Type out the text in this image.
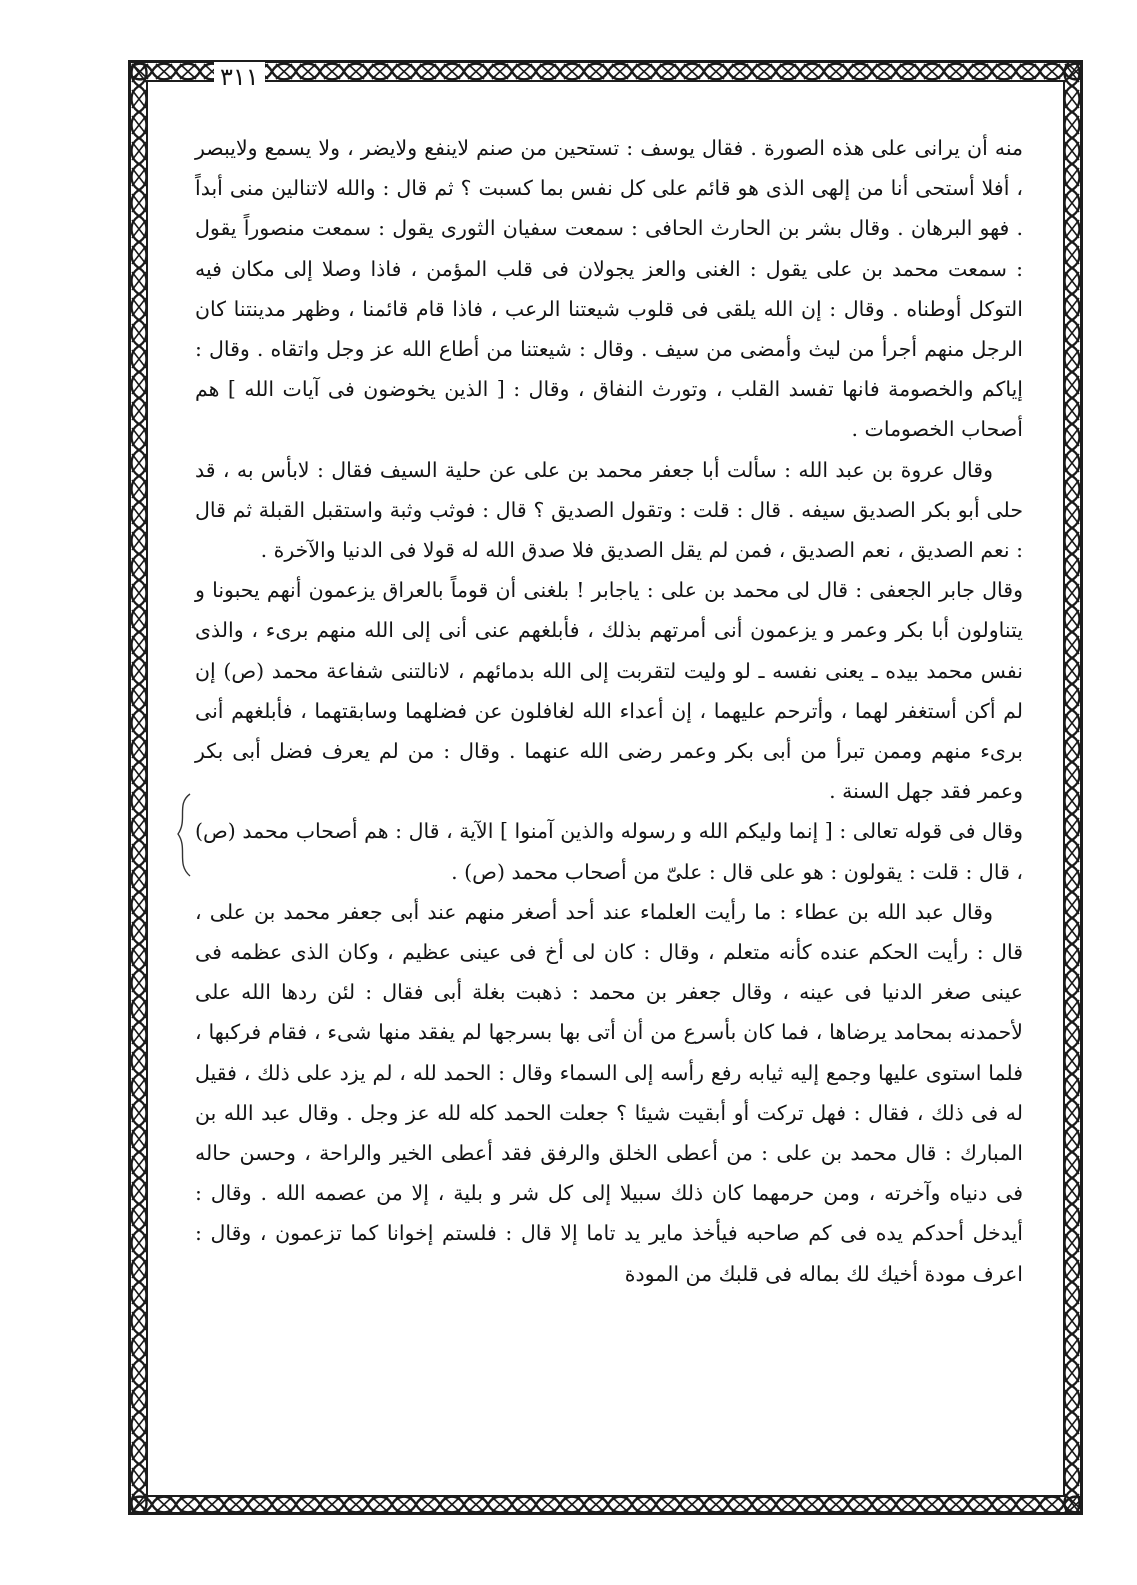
٣١١

منه أن يرانى على هذه الصورة . فقال يوسف : تستحين من صنم لاينفع ولايضر ، ولا يسمع ولايبصر ، أفلا أستحى أنا من إلهى الذى هو قائم على كل نفس بما كسبت ؟ ثم قال : والله لاتنالين منى أبداً . فهو البرهان . وقال بشر بن الحارث الحافى : سمعت سفيان الثورى يقول : سمعت منصوراً يقول : سمعت محمد بن على يقول : الغنى والعز يجولان فى قلب المؤمن ، فاذا وصلا إلى مكان فيه التوكل أوطناه . وقال : إن الله يلقى فى قلوب شيعتنا الرعب ، فاذا قام قائمنا ، وظهر مدينتنا كان الرجل منهم أجرأ من ليث وأمضى من سيف . وقال : شيعتنا من أطاع الله عز وجل واتقاه . وقال : إياكم والخصومة فانها تفسد القلب ، وتورث النفاق ، وقال : [ الذين يخوضون فى آيات الله ] هم أصحاب الخصومات .

وقال عروة بن عبد الله : سألت أبا جعفر محمد بن على عن حلية السيف فقال : لابأس به ، قد حلى أبو بكر الصديق سيفه . قال : قلت : وتقول الصديق ؟ قال : فوثب وثبة واستقبل القبلة ثم قال : نعم الصديق ، نعم الصديق ، فمن لم يقل الصديق فلا صدق الله له قولا فى الدنيا والآخرة .

وقال جابر الجعفى : قال لى محمد بن على : ياجابر ! بلغنى أن قوماً بالعراق يزعمون أنهم يحبونا و يتناولون أبا بكر وعمر و يزعمون أنى أمرتهم بذلك ، فأبلغهم عنى أنى إلى الله منهم برىء ، والذى نفس محمد بيده ـ يعنى نفسه ـ لو وليت لتقربت إلى الله بدمائهم ، لانالتنى شفاعة محمد (ص) إن لم أكن أستغفر لهما ، وأترحم عليهما ، إن أعداء الله لغافلون عن فضلهما وسابقتهما ، فأبلغهم أنى برىء منهم وممن تبرأ من أبى بكر وعمر رضى الله عنهما . وقال : من لم يعرف فضل أبى بكر وعمر فقد جهل السنة .

وقال فى قوله تعالى : [ إنما وليكم الله و رسوله والذين آمنوا ] الآية ، قال : هم أصحاب محمد (ص) ، قال : قلت : يقولون : هو على قال : علىّ من أصحاب محمد (ص) .

وقال عبد الله بن عطاء : ما رأيت العلماء عند أحد أصغر منهم عند أبى جعفر محمد بن على ، قال : رأيت الحكم عنده كأنه متعلم ، وقال : كان لى أخ فى عينى عظيم ، وكان الذى عظمه فى عينى صغر الدنيا فى عينه ، وقال جعفر بن محمد : ذهبت بغلة أبى فقال : لئن ردها الله على لأحمدنه بمحامد يرضاها ، فما كان بأسرع من أن أتى بها بسرجها لم يفقد منها شىء ، فقام فركبها ، فلما استوى عليها وجمع إليه ثيابه رفع رأسه إلى السماء وقال : الحمد لله ، لم يزد على ذلك ، فقيل له فى ذلك ، فقال : فهل تركت أو أبقيت شيئا ؟ جعلت الحمد كله لله عز وجل . وقال عبد الله بن المبارك : قال محمد بن على : من أعطى الخلق والرفق فقد أعطى الخير والراحة ، وحسن حاله فى دنياه وآخرته ، ومن حرمهما كان ذلك سبيلا إلى كل شر و بلية ، إلا من عصمه الله . وقال : أيدخل أحدكم يده فى كم صاحبه فيأخذ ماير يد تاما إلا قال : فلستم إخوانا كما تزعمون ، وقال : اعرف مودة أخيك لك بماله فى قلبك من المودة
